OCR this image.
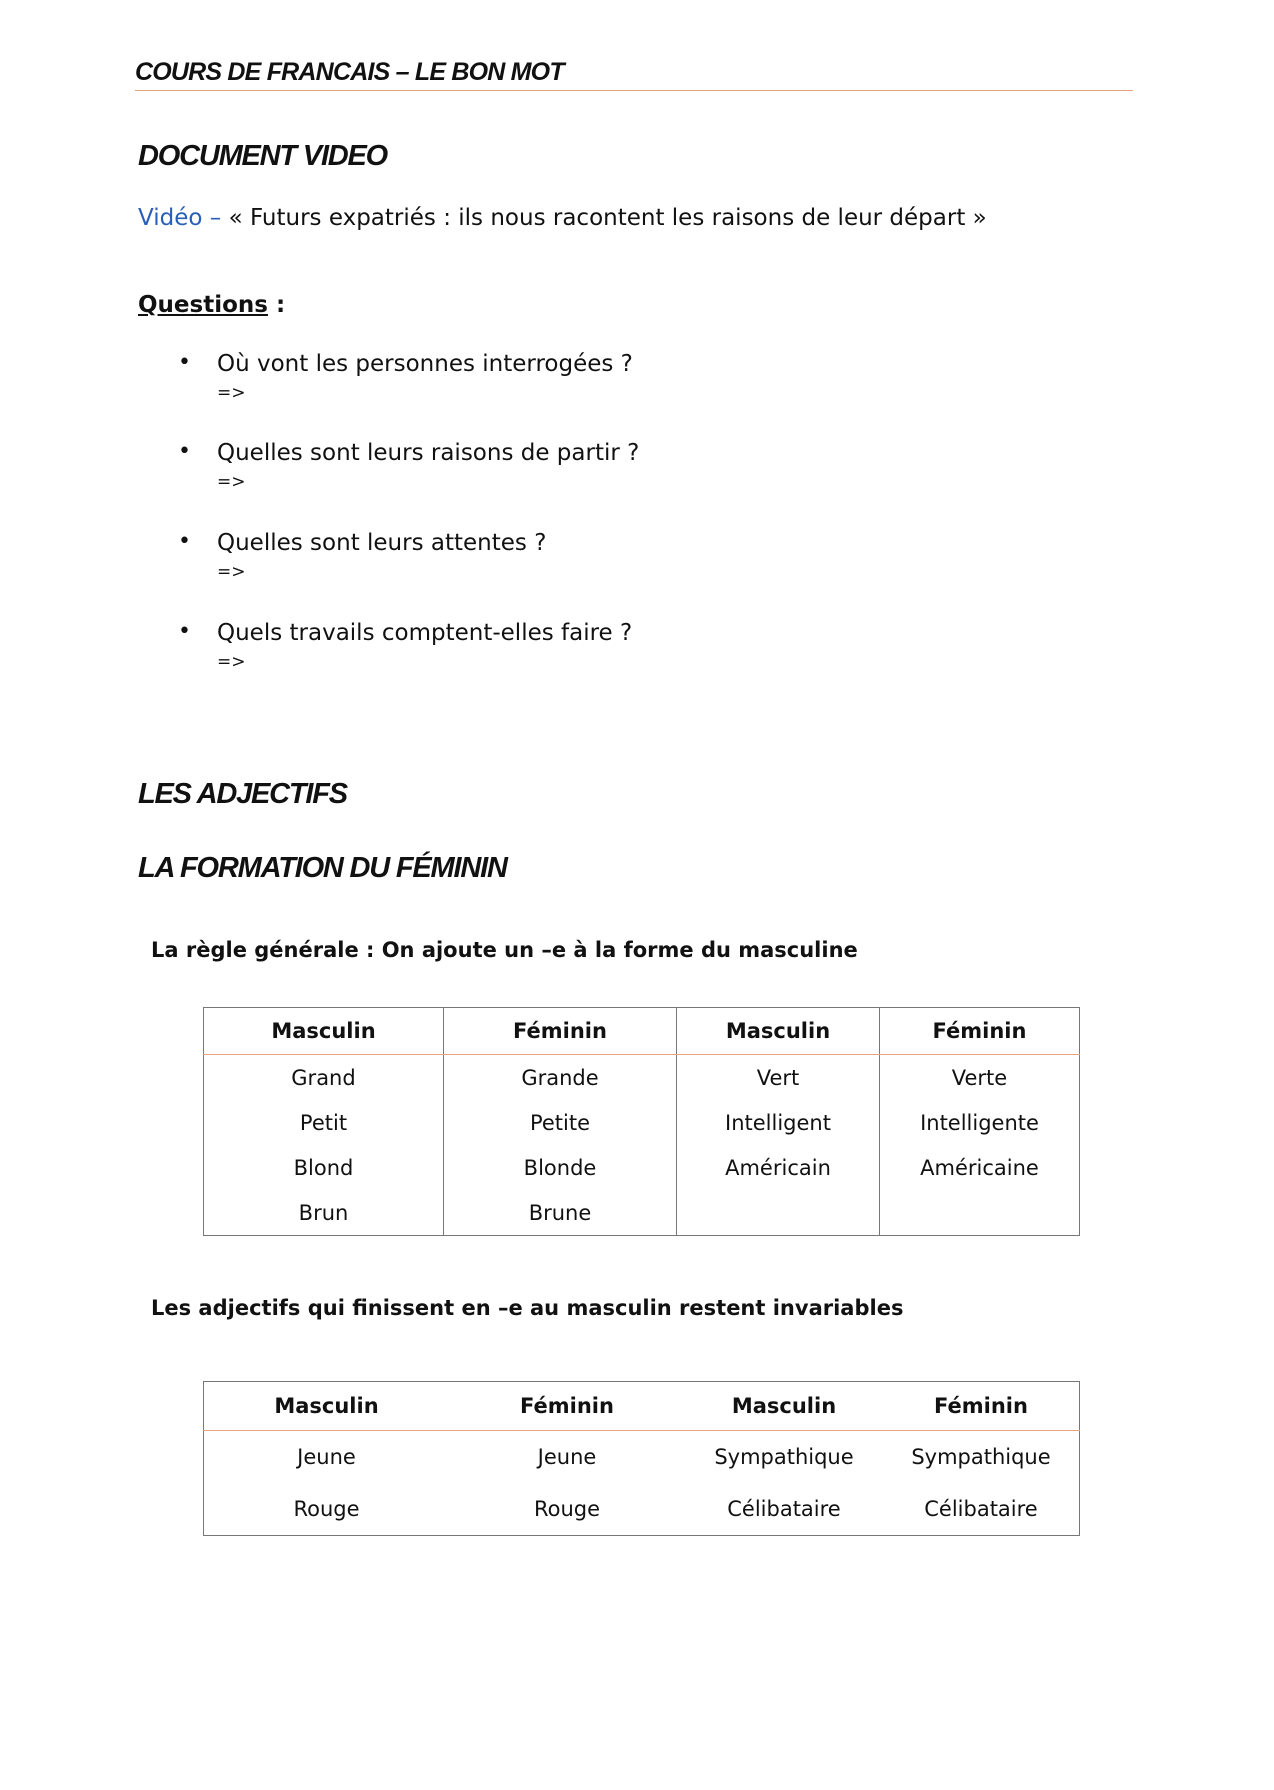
COURS DE FRANCAIS – LE BON MOT
DOCUMENT VIDEO
Vidéo – « Futurs expatriés : ils nous racontent les raisons de leur départ »
Questions :
• Où vont les personnes interrogées ?
=>
• Quelles sont leurs raisons de partir ?
=>
• Quelles sont leurs attentes ?
=>
• Quels travails comptent-elles faire ?
=>
LES ADJECTIFS
LA FORMATION DU FÉMININ
La règle générale : On ajoute un –e à la forme du masculine
Masculin	Féminin	Masculin	Féminin
Grand	Grande	Vert	Verte
Petit	Petite	Intelligent	Intelligente
Blond	Blonde	Américain	Américaine
Brun	Brune		
Les adjectifs qui finissent en –e au masculin restent invariables
Masculin	Féminin	Masculin	Féminin
Jeune	Jeune	Sympathique	Sympathique
Rouge	Rouge	Célibataire	Célibataire
